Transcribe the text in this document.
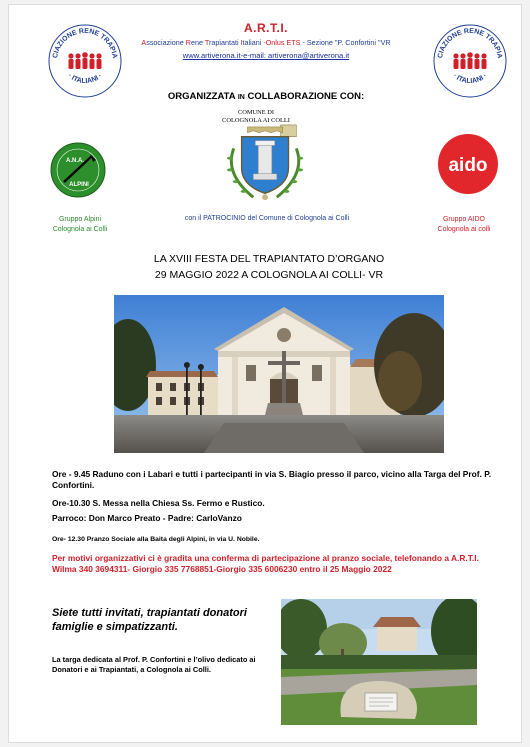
CIAZIONE RENE TRAPIA
· ITALIANI ·
CIAZIONE RENE TRAPIA
· ITALIANI ·
A.R.T.I.
Associazione Rene Trapiantati Italiani -Onlus ETS - Sezione "P. Confortini "VR
www.artiverona.it-e-mail: artiverona@artiverona.it
ORGANIZZATA IN COLLABORAZIONE CON:
A.N.A.
ALPINI
Gruppo Alpini
Colognola ai Colli
COMUNE DI
COLOGNOLA AI COLLI
con il PATROCINIO del Comune di Colognola ai Colli
aido
Gruppo AIDO
Colognola ai colli
LA XVIII FESTA DEL TRAPIANTATO D’ORGANO
29 MAGGIO 2022 A COLOGNOLA AI COLLI- VR
Ore - 9.45 Raduno con i Labari e tutti i partecipanti in via S. Biagio presso il parco, vicino alla Targa del Prof. P. Confortini.
Ore-10.30 S. Messa nella Chiesa Ss. Fermo e Rustico.
Parroco: Don Marco Preato - Padre: CarloVanzo
Ore- 12.30 Pranzo Sociale alla Baita degli Alpini, in via U. Nobile.
Per motivi organizzativi ci è gradita una conferma di partecipazione al pranzo sociale, telefonando a A.R.T.I. Wilma 340 3694311- Giorgio 335 7768851-Giorgio 335 6006230 entro il 25 Maggio 2022
Siete tutti invitati, trapiantati donatori famiglie e simpatizzanti.
La targa dedicata al Prof. P. Confortini e l’olivo dedicato ai Donatori e ai Trapiantati, a Colognola ai Colli.
